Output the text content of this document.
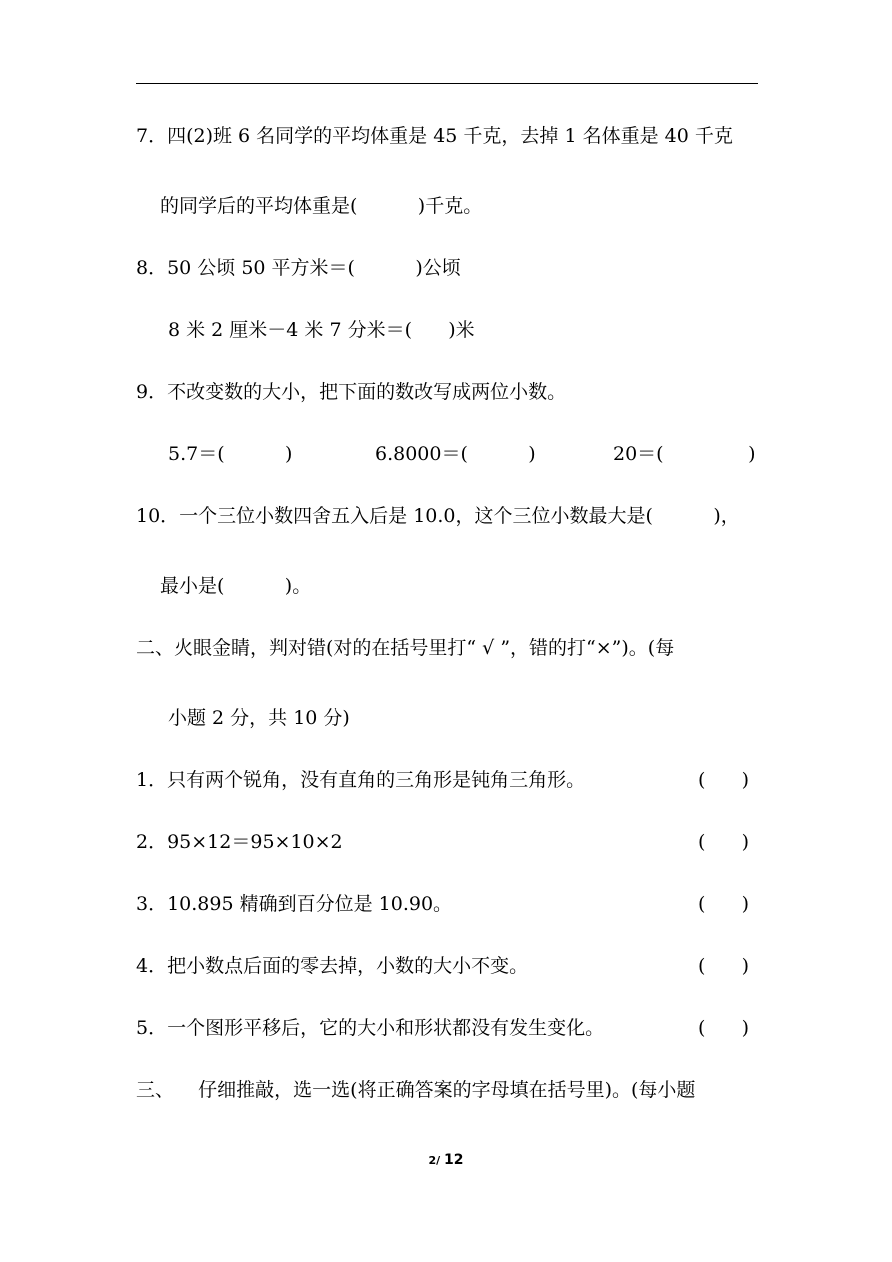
7．四(2)班 6 名同学的平均体重是 45 千克，去掉 1 名体重是 40 千克
的同学后的平均体重是(          )千克。
8．50 公顷 50 平方米＝(          )公顷
8 米 2 厘米－4 米 7 分米＝(      )米
9．不改变数的大小，把下面的数改写成两位小数。
5.7＝(          )	6.8000＝(          )	20＝(              )
10．一个三位小数四舍五入后是 10.0，这个三位小数最大是(          )，
最小是(          )。
二、火眼金睛，判对错(对的在括号里打“ √ ”，错的打“×”)。(每
小题 2 分，共 10 分)
1．只有两个锐角，没有直角的三角形是钝角三角形。	(      )
2．95×12＝95×10×2	(      )
3．10.895 精确到百分位是 10.90。	(      )
4．把小数点后面的零去掉，小数的大小不变。	(      )
5．一个图形平移后，它的大小和形状都没有发生变化。	(      )
三、    仔细推敲，选一选(将正确答案的字母填在括号里)。(每小题
2/ 12
